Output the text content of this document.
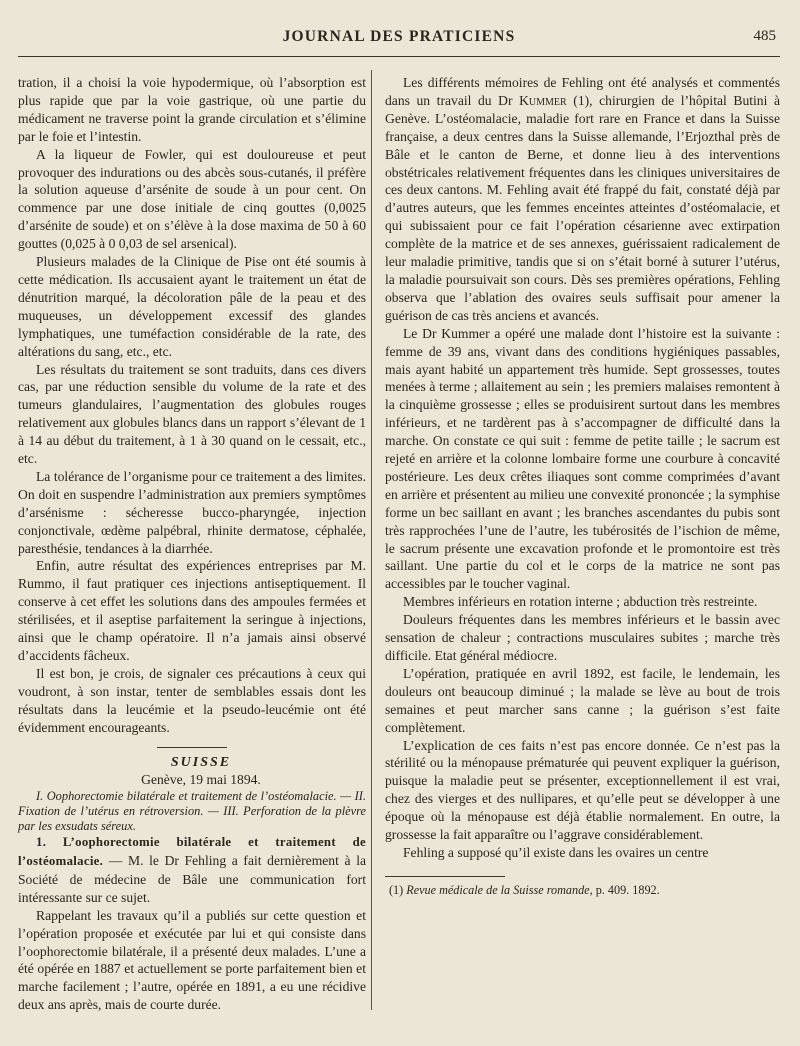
JOURNAL DES PRATICIENS	485

tration, il a choisi la voie hypodermique, où l’absorption est plus rapide que par la voie gastrique, où une partie du médicament ne traverse point la grande circulation et s’élimine par le foie et l’intestin.

A la liqueur de Fowler, qui est douloureuse et peut provoquer des indurations ou des abcès sous-cutanés, il préfère la solution aqueuse d’arsénite de soude à un pour cent. On commence par une dose initiale de cinq gouttes (0,0025 d’arsénite de soude) et on s’élève à la dose maxima de 50 à 60 gouttes (0,025 à 0 0,03 de sel arsenical).

Plusieurs malades de la Clinique de Pise ont été soumis à cette médication. Ils accusaient ayant le traitement un état de dénutrition marqué, la décoloration pâle de la peau et des muqueuses, un développement excessif des glandes lymphatiques, une tuméfaction considérable de la rate, des altérations du sang, etc., etc.

Les résultats du traitement se sont traduits, dans ces divers cas, par une réduction sensible du volume de la rate et des tumeurs glandulaires, l’augmentation des globules rouges relativement aux globules blancs dans un rapport s’élevant de 1 à 14 au début du traitement, à 1 à 30 quand on le cessait, etc., etc.

La tolérance de l’organisme pour ce traitement a des limites. On doit en suspendre l’administration aux premiers symptômes d’arsénisme : sécheresse bucco-pharyngée, injection conjonctivale, œdème palpébral, rhinite dermatose, céphalée, paresthésie, tendances à la diarrhée.

Enfin, autre résultat des expériences entreprises par M. Rummo, il faut pratiquer ces injections antiseptiquement. Il conserve à cet effet les solutions dans des ampoules fermées et stérilisées, et il aseptise parfaitement la seringue à injections, ainsi que le champ opératoire. Il n’a jamais ainsi observé d’accidents fâcheux.

Il est bon, je crois, de signaler ces précautions à ceux qui voudront, à son instar, tenter de semblables essais dont les résultats dans la leucémie et la pseudo-leucémie ont été évidemment encourageants.

SUISSE

Genève, 19 mai 1894.

I. Oophorectomie bilatérale et traitement de l’ostéomalacie. — II. Fixation de l’utérus en rétroversion. — III. Perforation de la plèvre par les exsudats séreux.

1. L’oophorectomie bilatérale et traitement de l’ostéomalacie. — M. le Dr Fehling a fait dernièrement à la Société de médecine de Bâle une communication fort intéressante sur ce sujet.

Rappelant les travaux qu’il a publiés sur cette question et l’opération proposée et exécutée par lui et qui consiste dans l’oophorectomie bilatérale, il a présenté deux malades. L’une a été opérée en 1887 et actuellement se porte parfaitement bien et marche facilement ; l’autre, opérée en 1891, a eu une récidive deux ans après, mais de courte durée.

Les différents mémoires de Fehling ont été analysés et commentés dans un travail du Dr Kummer (1), chirurgien de l’hôpital Butini à Genève. L’ostéomalacie, maladie fort rare en France et dans la Suisse française, a deux centres dans la Suisse allemande, l’Erjozthal près de Bâle et le canton de Berne, et donne lieu à des interventions obstétricales relativement fréquentes dans les cliniques universitaires de ces deux cantons. M. Fehling avait été frappé du fait, constaté déjà par d’autres auteurs, que les femmes enceintes atteintes d’ostéomalacie, et qui subissaient pour ce fait l’opération césarienne avec extirpation complète de la matrice et de ses annexes, guérissaient radicalement de leur maladie primitive, tandis que si on s’était borné à suturer l’utérus, la maladie poursuivait son cours. Dès ses premières opérations, Fehling observa que l’ablation des ovaires seuls suffisait pour amener la guérison de cas très anciens et avancés.

Le Dr Kummer a opéré une malade dont l’histoire est la suivante : femme de 39 ans, vivant dans des conditions hygiéniques passables, mais ayant habité un appartement très humide. Sept grossesses, toutes menées à terme ; allaitement au sein ; les premiers malaises remontent à la cinquième grossesse ; elles se produisirent surtout dans les membres inférieurs, et ne tardèrent pas à s’accompagner de difficulté dans la marche. On constate ce qui suit : femme de petite taille ; le sacrum est rejeté en arrière et la colonne lombaire forme une courbure à concavité postérieure. Les deux crêtes iliaques sont comme comprimées d’avant en arrière et présentent au milieu une convexité prononcée ; la symphise forme un bec saillant en avant ; les branches ascendantes du pubis sont très rapprochées l’une de l’autre, les tubérosités de l’ischion de même, le sacrum présente une excavation profonde et le promontoire est très saillant. Une partie du col et le corps de la matrice ne sont pas accessibles par le toucher vaginal.

Membres inférieurs en rotation interne ; abduction très restreinte.

Douleurs fréquentes dans les membres inférieurs et le bassin avec sensation de chaleur ; contractions musculaires subites ; marche très difficile. Etat général médiocre.

L’opération, pratiquée en avril 1892, est facile, le lendemain, les douleurs ont beaucoup diminué ; la malade se lève au bout de trois semaines et peut marcher sans canne ; la guérison s’est faite complètement.

L’explication de ces faits n’est pas encore donnée. Ce n’est pas la stérilité ou la ménopause prématurée qui peuvent expliquer la guérison, puisque la maladie peut se présenter, exceptionnellement il est vrai, chez des vierges et des nullipares, et qu’elle peut se développer à une époque où la ménopause est déjà établie normalement. En outre, la grossesse la fait apparaître ou l’aggrave considérablement.

Fehling a supposé qu’il existe dans les ovaires un centre

(1) Revue médicale de la Suisse romande, p. 409. 1892.
